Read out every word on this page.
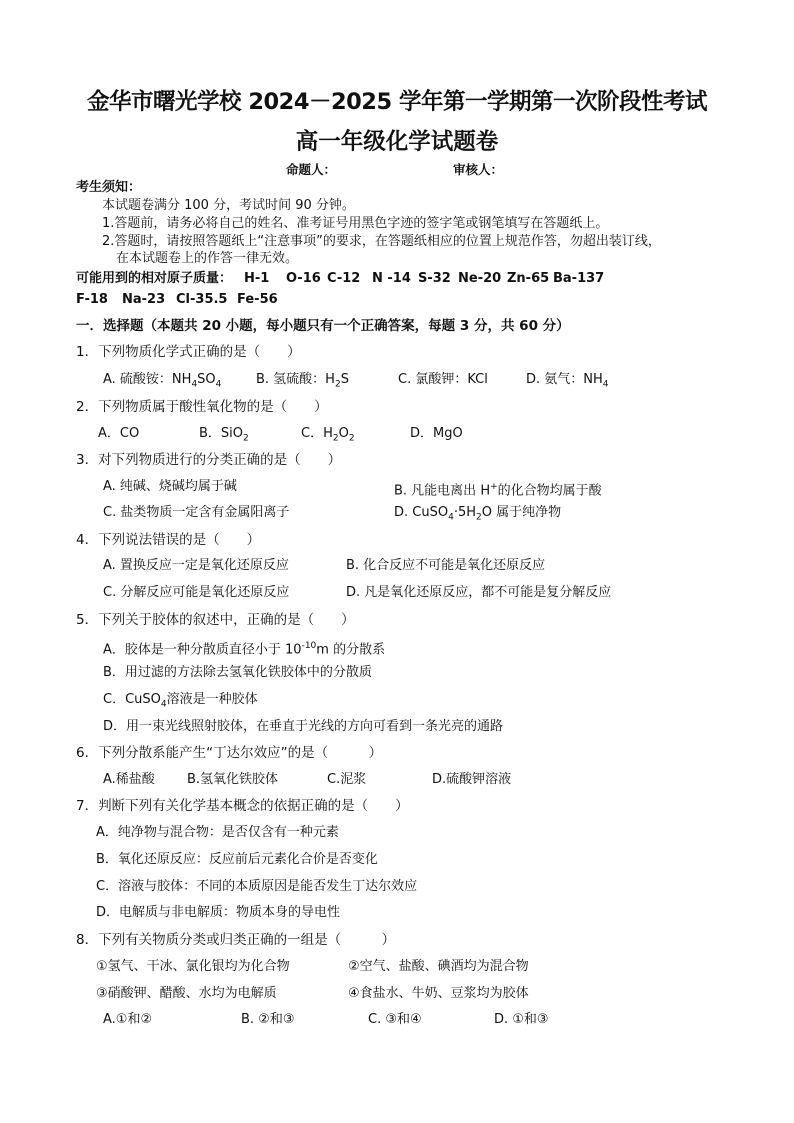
金华市曙光学校 2024－2025 学年第一学期第一次阶段性考试
高一年级化学试题卷
命题人：	审核人：
考生须知：
本试题卷满分 100 分，考试时间 90 分钟。
1.答题前，请务必将自己的姓名、准考证号用黑色字迹的签字笔或钢笔填写在答题纸上。
2.答题时，请按照答题纸上“注意事项”的要求，在答题纸相应的位置上规范作答，勿超出装订线，
在本试题卷上的作答一律无效。
可能用到的相对原子质量： H-1 O-16 C-12 N -14 S-32 Ne-20 Zn-65 Ba-137
F-18 Na-23 Cl-35.5 Fe-56
一．选择题（本题共 20 小题，每小题只有一个正确答案，每题 3 分，共 60 分）
1．下列物质化学式正确的是（　　）
A. 硫酸铵：$NH_4SO_4$	B. 氢硫酸：$H_2S$	C. 氯酸钾：KCl	D. 氨气：$NH_4$
2．下列物质属于酸性氧化物的是（　　）
A．CO	B．SiO$_2$	C．$H_2O_2$	D．MgO
3．对下列物质进行的分类正确的是（　　）
A. 纯碱、烧碱均属于碱	B. 凡能电离出 H+的化合物均属于酸
C. 盐类物质一定含有金属阳离子	D. $CuSO_4\cdot 5H_2O$ 属于纯净物
4．下列说法错误的是（　　）
A. 置换反应一定是氧化还原反应	B. 化合反应不可能是氧化还原反应
C. 分解反应可能是氧化还原反应	D. 凡是氧化还原反应，都不可能是复分解反应
5．下列关于胶体的叙述中，正确的是（　　）
A．胶体是一种分散质直径小于 $10^{-10}m$ 的分散系
B．用过滤的方法除去氢氧化铁胶体中的分散质
C．CuSO$_4$溶液是一种胶体
D．用一束光线照射胶体，在垂直于光线的方向可看到一条光亮的通路
6．下列分散系能产生“丁达尔效应”的是（　　　）
A.稀盐酸 B.氢氧化铁胶体	C.泥浆	D.硫酸钾溶液
7．判断下列有关化学基本概念的依据正确的是（　　）
A．纯净物与混合物：是否仅含有一种元素
B．氧化还原反应：反应前后元素化合价是否变化
C．溶液与胶体：不同的本质原因是能否发生丁达尔效应
D．电解质与非电解质：物质本身的导电性
8．下列有关物质分类或归类正确的一组是（　　　）
①氢气、干冰、氯化银均为化合物	②空气、盐酸、碘酒均为混合物
③硝酸钾、醋酸、水均为电解质	④食盐水、牛奶、豆浆均为胶体
A.①和②	B. ②和③	C. ③和④	D. ①和③
